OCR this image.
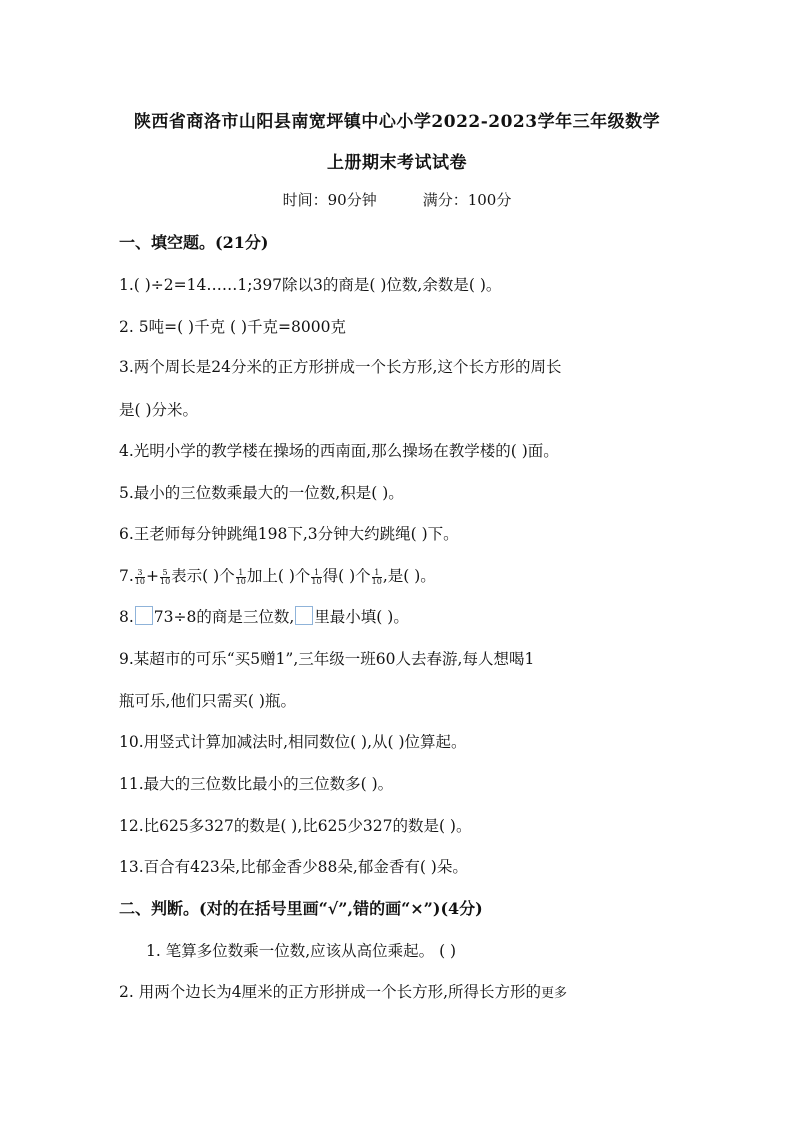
陕西省商洛市山阳县南宽坪镇中心小学2022-2023学年三年级数学
上册期末考试试卷
时间：90分钟	满分：100分
一、填空题。(21分)
1.( )÷2=14……1;397除以3的商是( )位数,余数是( )。
2. 5吨=( )千克 ( )千克=8000克
3.两个周长是24分米的正方形拼成一个长方形,这个长方形的周长
是( )分米。
4.光明小学的教学楼在操场的西南面,那么操场在教学楼的( )面。
5.最小的三位数乘最大的一位数,积是( )。
6.王老师每分钟跳绳198下,3分钟大约跳绳( )下。
7. $\frac{3}{10} + \frac{5}{10}$ 表示( )个 $\frac{1}{10}$ 加上( )个 $\frac{1}{10}$ 得( )个 $\frac{1}{10}$ ,是( )。
8. 73÷8的商是三位数, 里最小填( )。
9.某超市的可乐“买5赠1”,三年级一班60人去春游,每人想喝1
瓶可乐,他们只需买( )瓶。
10.用竖式计算加减法时,相同数位( ),从( )位算起。
11.最大的三位数比最小的三位数多( )。
12.比625多327的数是( ),比625少327的数是( )。
13.百合有423朵,比郁金香少88朵,郁金香有( )朵。
二、判断。(对的在括号里画“√”,错的画“×”)(4分)
1. 笔算多位数乘一位数,应该从高位乘起。 ( )
2. 用两个边长为4厘米的正方形拼成一个长方形,所得长方形的更多
